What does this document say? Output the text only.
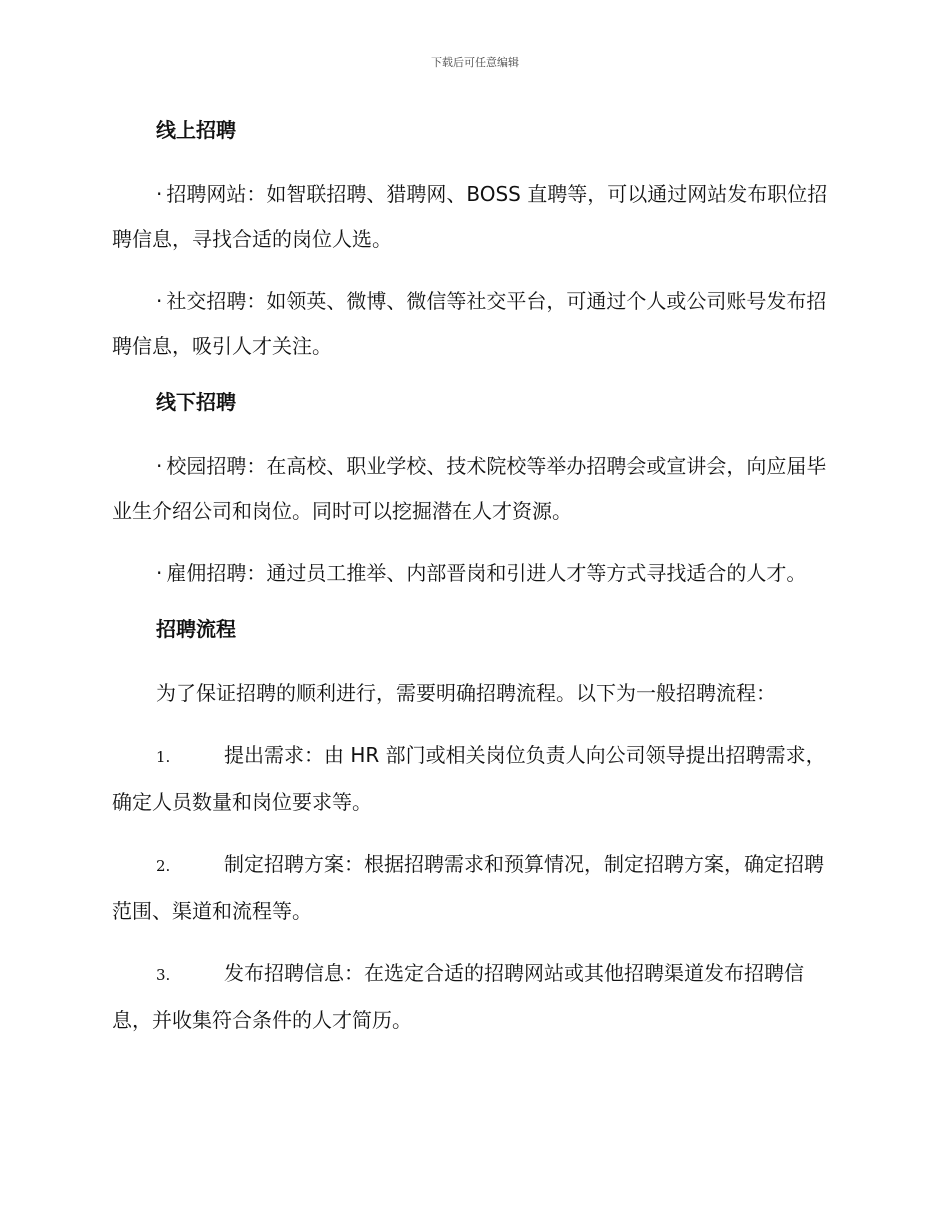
下载后可任意编辑
线上招聘
· 招聘网站：如智联招聘、猎聘网、BOSS 直聘等，可以通过网站发布职位招聘信息，寻找合适的岗位人选。
· 社交招聘：如领英、微博、微信等社交平台，可通过个人或公司账号发布招聘信息，吸引人才关注。
线下招聘
· 校园招聘：在高校、职业学校、技术院校等举办招聘会或宣讲会，向应届毕业生介绍公司和岗位。同时可以挖掘潜在人才资源。
· 雇佣招聘：通过员工推举、内部晋岗和引进人才等方式寻找适合的人才。
招聘流程
为了保证招聘的顺利进行，需要明确招聘流程。以下为一般招聘流程：
1.	提出需求：由 HR 部门或相关岗位负责人向公司领导提出招聘需求，确定人员数量和岗位要求等。
2.	制定招聘方案：根据招聘需求和预算情况，制定招聘方案，确定招聘范围、渠道和流程等。
3.	发布招聘信息：在选定合适的招聘网站或其他招聘渠道发布招聘信息，并收集符合条件的人才简历。
